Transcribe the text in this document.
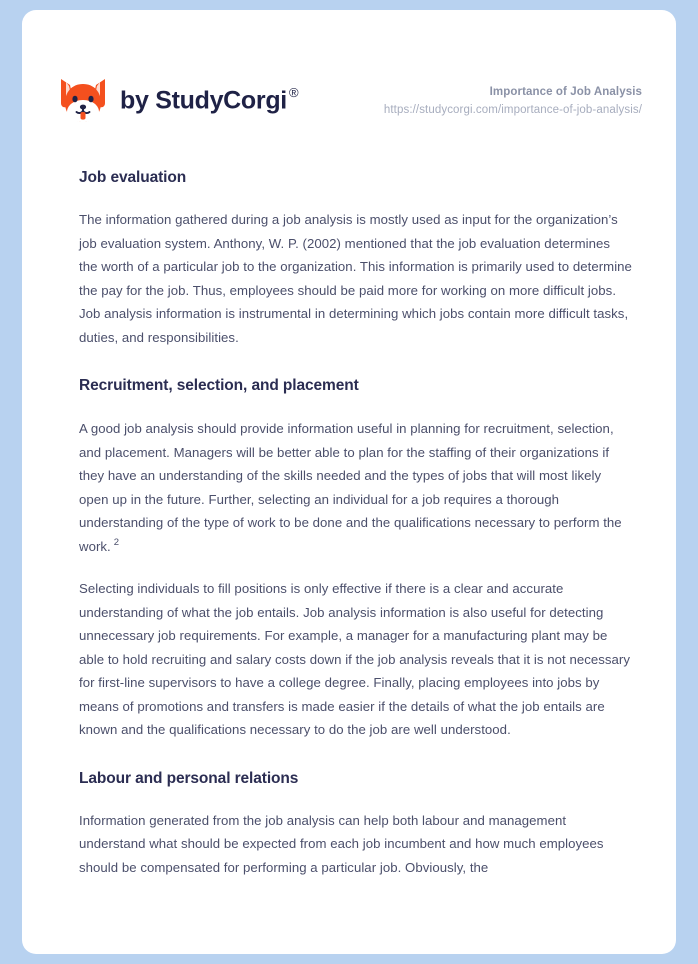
by StudyCorgi ®	Importance of Job Analysis
https://studycorgi.com/importance-of-job-analysis/
Job evaluation

The information gathered during a job analysis is mostly used as input for the organization’s job evaluation system. Anthony, W. P. (2002) mentioned that the job evaluation determines the worth of a particular job to the organization. This information is primarily used to determine the pay for the job. Thus, employees should be paid more for working on more difficult jobs. Job analysis information is instrumental in determining which jobs contain more difficult tasks, duties, and responsibilities.

Recruitment, selection, and placement

A good job analysis should provide information useful in planning for recruitment, selection, and placement. Managers will be better able to plan for the staffing of their organizations if they have an understanding of the skills needed and the types of jobs that will most likely open up in the future. Further, selecting an individual for a job requires a thorough understanding of the type of work to be done and the qualifications necessary to perform the work. $^2$

Selecting individuals to fill positions is only effective if there is a clear and accurate understanding of what the job entails. Job analysis information is also useful for detecting unnecessary job requirements. For example, a manager for a manufacturing plant may be able to hold recruiting and salary costs down if the job analysis reveals that it is not necessary for first-line supervisors to have a college degree. Finally, placing employees into jobs by means of promotions and transfers is made easier if the details of what the job entails are known and the qualifications necessary to do the job are well understood.

Labour and personal relations

Information generated from the job analysis can help both labour and management understand what should be expected from each job incumbent and how much employees should be compensated for performing a particular job. Obviously, the
